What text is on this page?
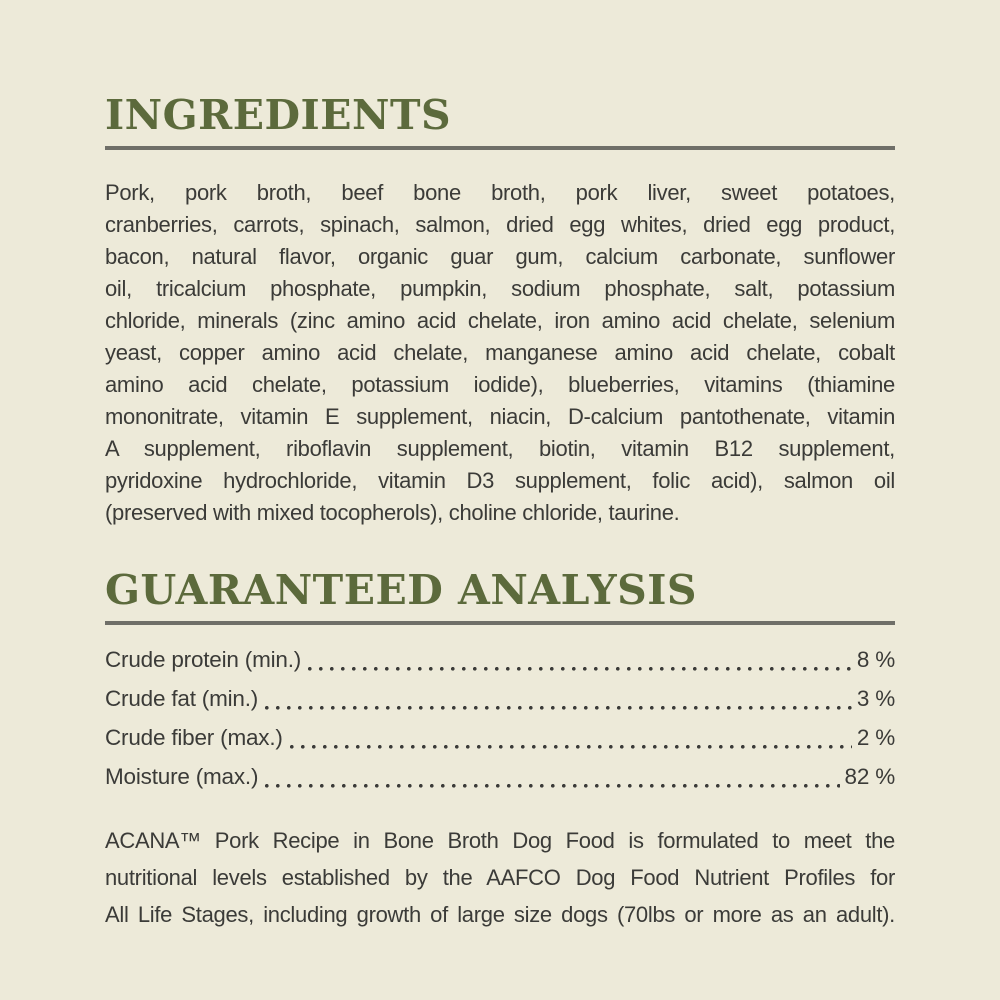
INGREDIENTS
Pork, pork broth, beef bone broth, pork liver, sweet potatoes,
cranberries, carrots, spinach, salmon, dried egg whites, dried egg product,
bacon, natural flavor, organic guar gum, calcium carbonate, sunflower
oil, tricalcium phosphate, pumpkin, sodium phosphate, salt, potassium
chloride, minerals (zinc amino acid chelate, iron amino acid chelate, selenium
yeast, copper amino acid chelate, manganese amino acid chelate, cobalt
amino acid chelate, potassium iodide), blueberries, vitamins (thiamine
mononitrate, vitamin E supplement, niacin, D-calcium pantothenate, vitamin
A supplement, riboflavin supplement, biotin, vitamin B12 supplement,
pyridoxine hydrochloride, vitamin D3 supplement, folic acid), salmon oil
(preserved with mixed tocopherols), choline chloride, taurine.
GUARANTEED ANALYSIS
Crude protein (min.)	8 %
Crude fat (min.)	3 %
Crude fiber (max.)	2 %
Moisture (max.)	82 %
ACANA™ Pork Recipe in Bone Broth Dog Food is formulated to meet the
nutritional levels established by the AAFCO Dog Food Nutrient Profiles for
All Life Stages, including growth of large size dogs (70lbs or more as an adult).
